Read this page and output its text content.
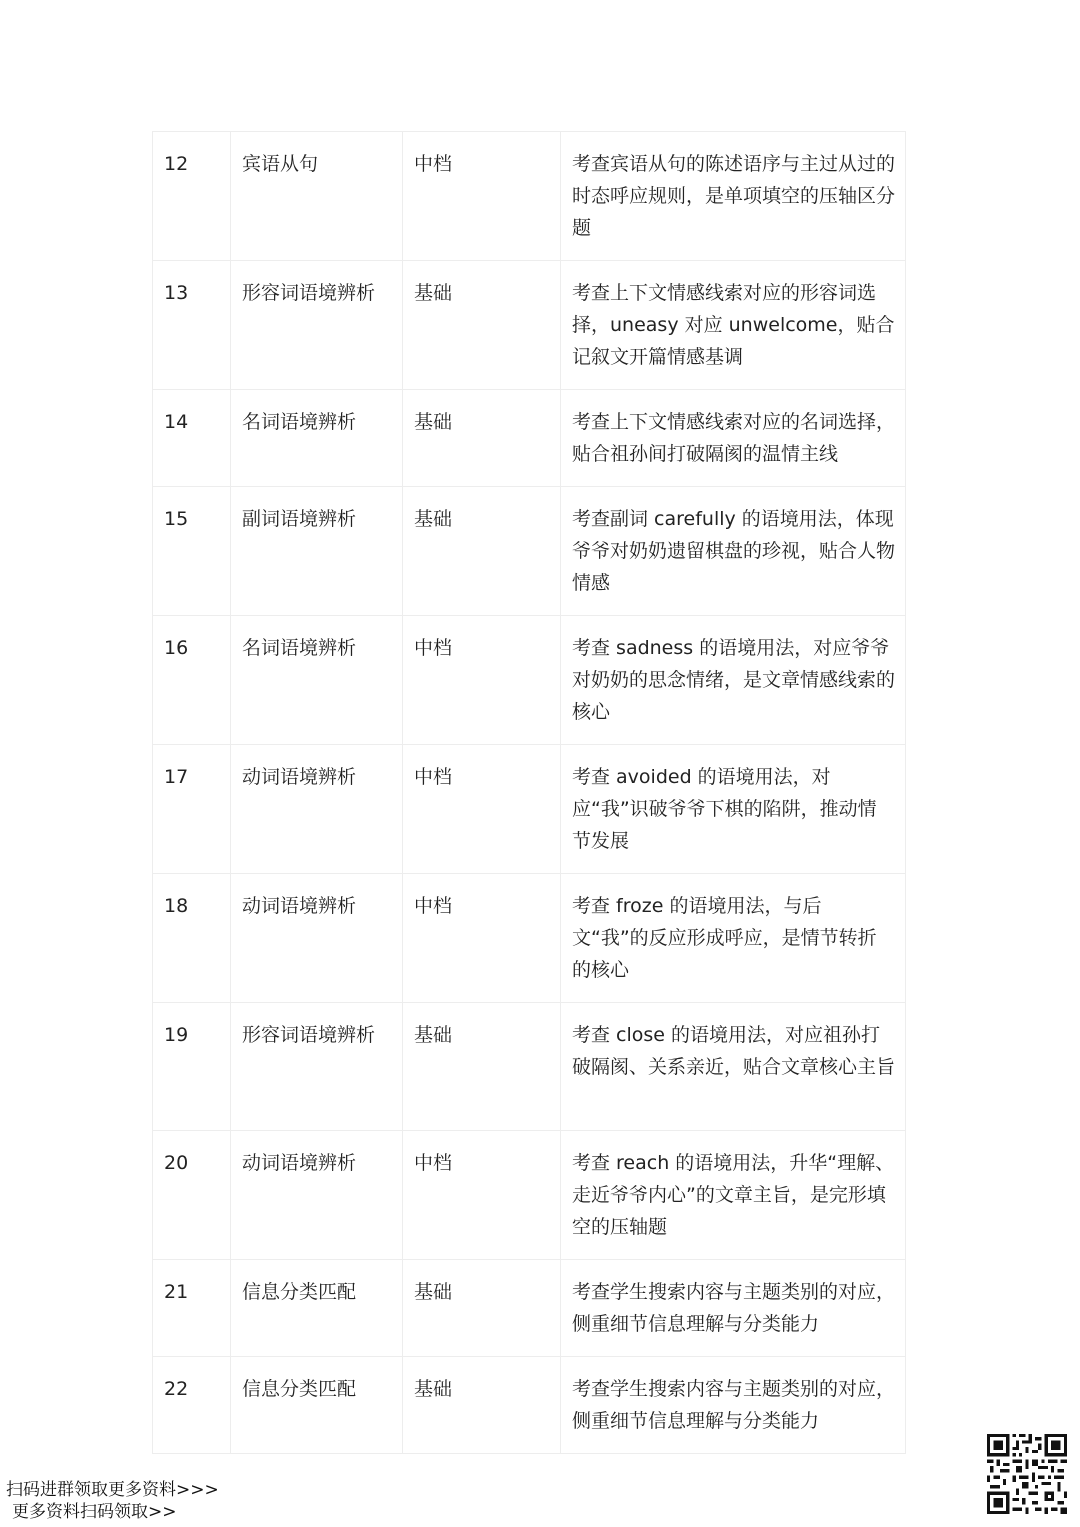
12	宾语从句	中档	考查宾语从句的陈述语序与主过从过的时态呼应规则，是单项填空的压轴区分题
13	形容词语境辨析	基础	考查上下文情感线索对应的形容词选择，uneasy 对应 unwelcome，贴合记叙文开篇情感基调
14	名词语境辨析	基础	考查上下文情感线索对应的名词选择，贴合祖孙间打破隔阂的温情主线
15	副词语境辨析	基础	考查副词 carefully 的语境用法，体现爷爷对奶奶遗留棋盘的珍视，贴合人物情感
16	名词语境辨析	中档	考查 sadness 的语境用法，对应爷爷对奶奶的思念情绪，是文章情感线索的核心
17	动词语境辨析	中档	考查 avoided 的语境用法，对应“我”识破爷爷下棋的陷阱，推动情节发展
18	动词语境辨析	中档	考查 froze 的语境用法，与后文“我”的反应形成呼应，是情节转折的核心
19	形容词语境辨析	基础	考查 close 的语境用法，对应祖孙打破隔阂、关系亲近，贴合文章核心主旨
20	动词语境辨析	中档	考查 reach 的语境用法，升华“理解、走近爷爷内心”的文章主旨，是完形填空的压轴题
21	信息分类匹配	基础	考查学生搜索内容与主题类别的对应，侧重细节信息理解与分类能力
22	信息分类匹配	基础	考查学生搜索内容与主题类别的对应，侧重细节信息理解与分类能力
扫码进群领取更多资料>>>
更多资料扫码领取>>
